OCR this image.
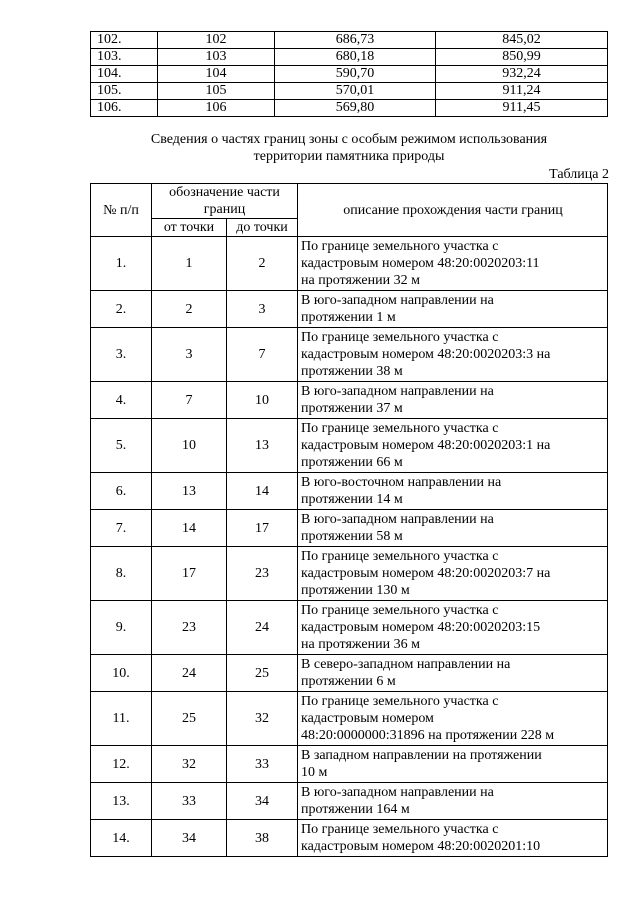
102.	102	686,73	845,02
103.	103	680,18	850,99
104.	104	590,70	932,24
105.	105	570,01	911,24
106.	106	569,80	911,45
Сведения о частях границ зоны с особым режимом использования
территории памятника природы
Таблица 2
№ п/п	обозначение части границ		описание прохождения части границ
	от точки	до точки	
1.	1	2	По границе земельного участка с
кадастровым номером 48:20:0020203:11
на протяжении 32 м

2.	2	3	В юго-западном направлении на
протяжении 1 м

3.	3	7	По границе земельного участка с
кадастровым номером 48:20:0020203:3 на
протяжении 38 м

4.	7	10	В юго-западном направлении на
протяжении 37 м

5.	10	13	По границе земельного участка с
кадастровым номером 48:20:0020203:1 на
протяжении 66 м

6.	13	14	В юго-восточном направлении на
протяжении 14 м

7.	14	17	В юго-западном направлении на
протяжении 58 м

8.	17	23	По границе земельного участка с
кадастровым номером 48:20:0020203:7 на
протяжении 130 м

9.	23	24	По границе земельного участка с
кадастровым номером 48:20:0020203:15
на протяжении 36 м

10.	24	25	В северо-западном направлении на
протяжении 6 м

11.	25	32	По границе земельного участка с
кадастровым номером
48:20:0000000:31896 на протяжении 228 м

12.	32	33	В западном направлении на протяжении
10 м

13.	33	34	В юго-западном направлении на
протяжении 164 м

14.	34	38	По границе земельного участка с
кадастровым номером 48:20:0020201:10
